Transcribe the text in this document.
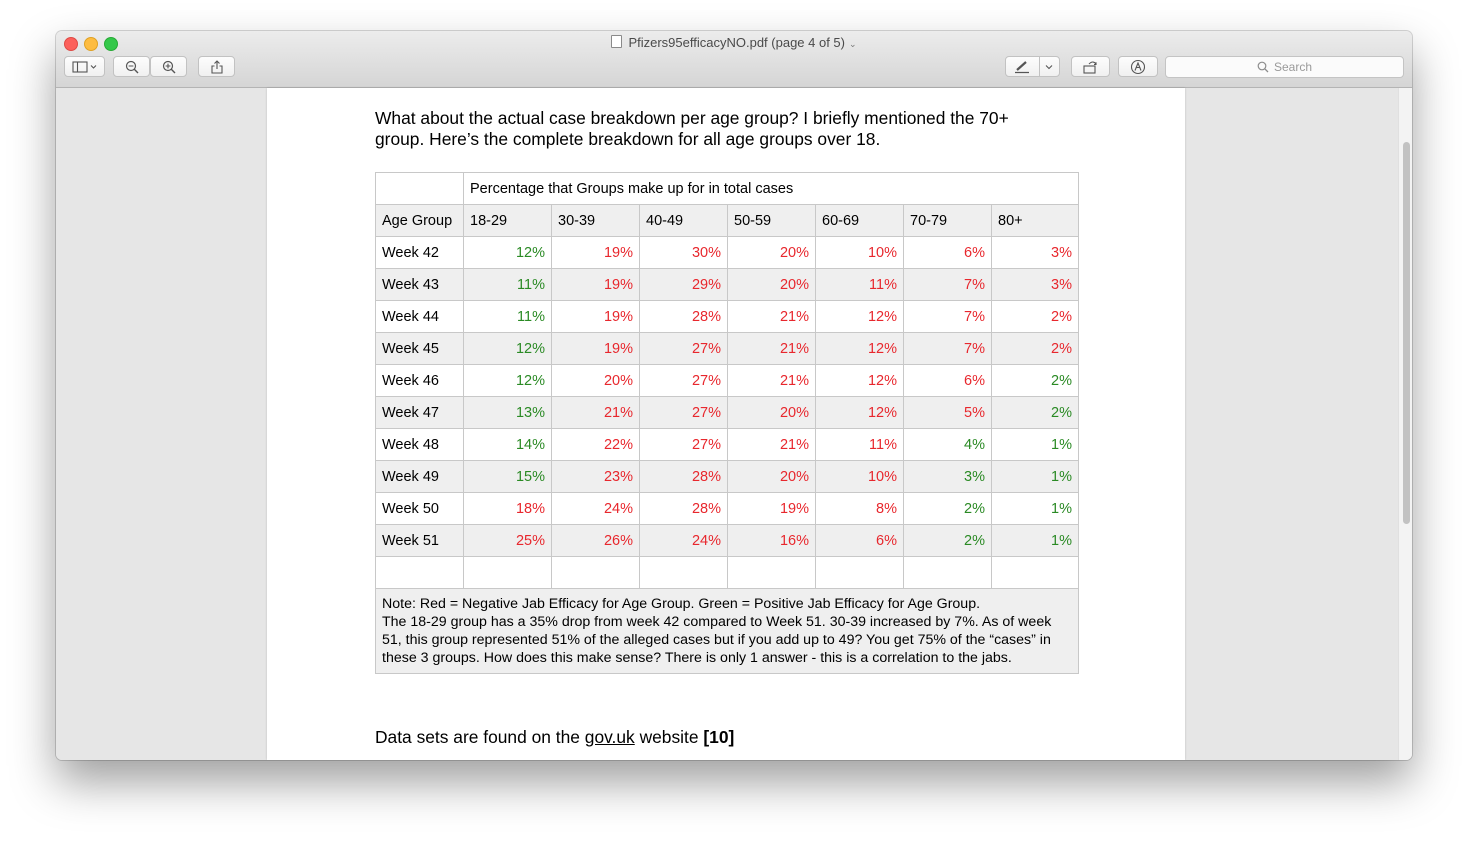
Pfizers95efficacyNO.pdf (page 4 of 5) ⌄
Search

What about the actual case breakdown per age group? I briefly mentioned the 70+ group. Here’s the complete breakdown for all age groups over 18.

	Percentage that Groups make up for in total cases						
Age Group	18-29	30-39	40-49	50-59	60-69	70-79	80+
Week 42	12%	19%	30%	20%	10%	6%	3%
Week 43	11%	19%	29%	20%	11%	7%	3%
Week 44	11%	19%	28%	21%	12%	7%	2%
Week 45	12%	19%	27%	21%	12%	7%	2%
Week 46	12%	20%	27%	21%	12%	6%	2%
Week 47	13%	21%	27%	20%	12%	5%	2%
Week 48	14%	22%	27%	21%	11%	4%	1%
Week 49	15%	23%	28%	20%	10%	3%	1%
Week 50	18%	24%	28%	19%	8%	2%	1%
Week 51	25%	26%	24%	16%	6%	2%	1%

Note: Red = Negative Jab Efficacy for Age Group. Green = Positive Jab Efficacy for Age Group.
The 18-29 group has a 35% drop from week 42 compared to Week 51. 30-39 increased by 7%. As of week 51, this group represented 51% of the alleged cases but if you add up to 49? You get 75% of the “cases” in these 3 groups. How does this make sense? There is only 1 answer - this is a correlation to the jabs.							

Data sets are found on the gov.uk website [10]
